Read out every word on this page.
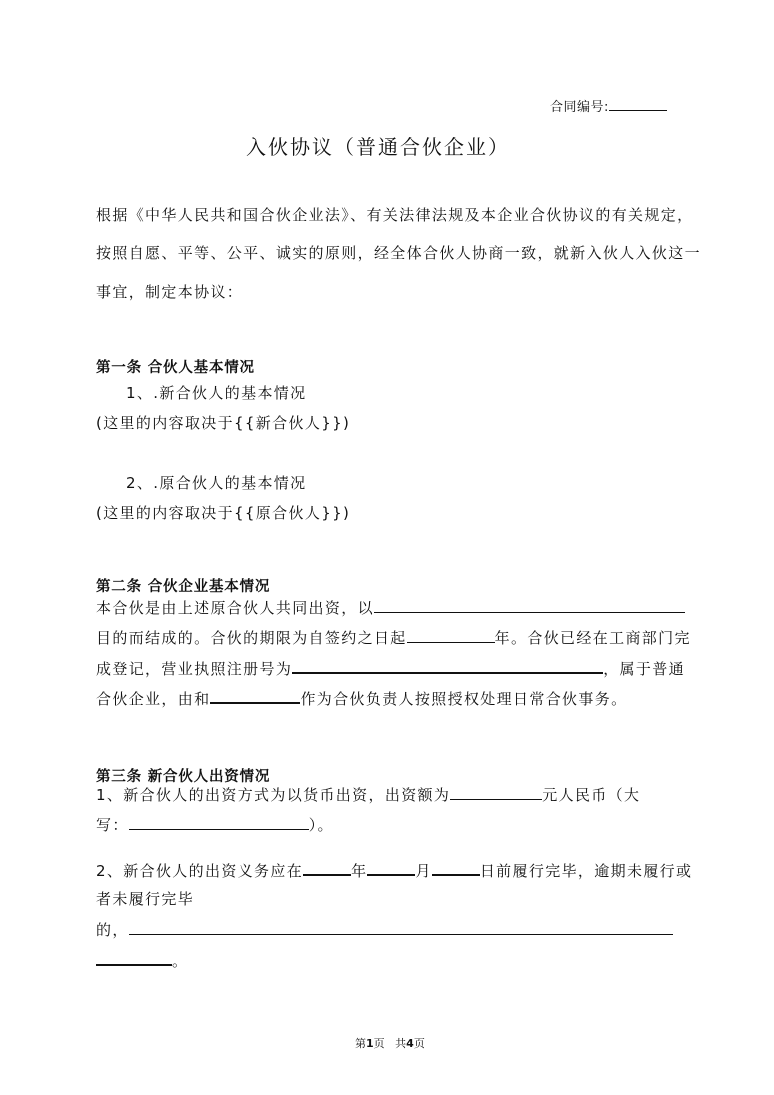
合同编号:
入伙协议（普通合伙企业）
根据《中华人民共和国合伙企业法》、有关法律法规及本企业合伙协议的有关规定，
按照自愿、平等、公平、诚实的原则，经全体合伙人协商一致，就新入伙人入伙这一
事宜，制定本协议：
第一条 合伙人基本情况
1、.新合伙人的基本情况
(这里的内容取决于{{新合伙人}})
2、.原合伙人的基本情况
(这里的内容取决于{{原合伙人}})
第二条 合伙企业基本情况
本合伙是由上述原合伙人共同出资，以
目的而结成的。合伙的期限为自签约之日起	年。合伙已经在工商部门完
成登记，营业执照注册号为	，属于普通
合伙企业，由和	作为合伙负责人按照授权处理日常合伙事务。
第三条 新合伙人出资情况
1、新合伙人的出资方式为以货币出资，出资额为	元人民币（大
写：	）。
2、新合伙人的出资义务应在	年	月	日前履行完毕，逾期未履行或
者未履行完毕
的，
。
第1页   共4页
